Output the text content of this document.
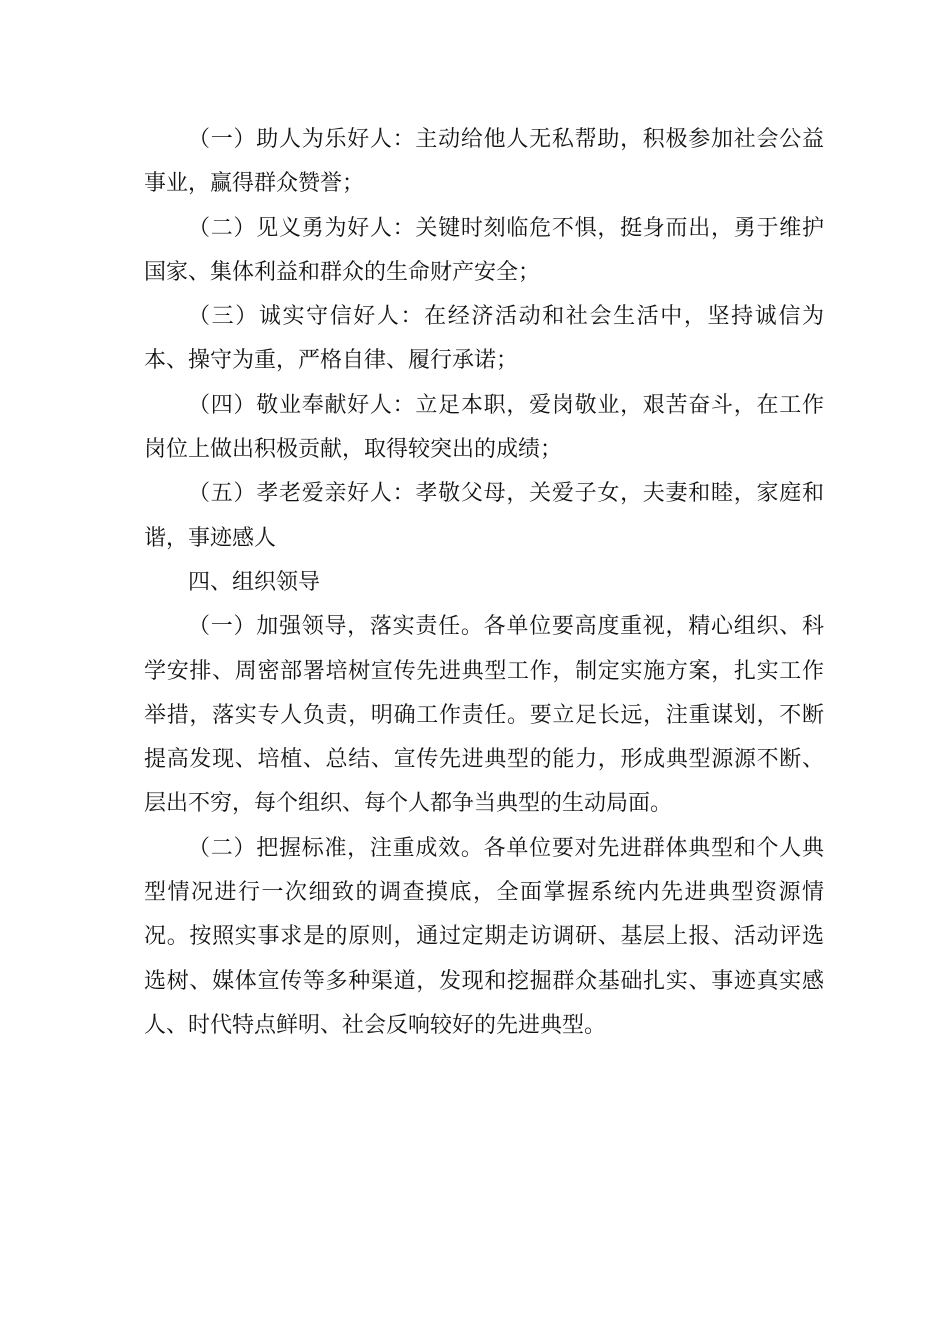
（一）助人为乐好人：主动给他人无私帮助，积极参加社会公益事业，赢得群众赞誉；

（二）见义勇为好人：关键时刻临危不惧，挺身而出，勇于维护国家、集体利益和群众的生命财产安全；

（三）诚实守信好人：在经济活动和社会生活中，坚持诚信为本、操守为重，严格自律、履行承诺；

（四）敬业奉献好人：立足本职，爱岗敬业，艰苦奋斗，在工作岗位上做出积极贡献，取得较突出的成绩；

（五）孝老爱亲好人：孝敬父母，关爱子女，夫妻和睦，家庭和谐，事迹感人

四、组织领导

（一）加强领导，落实责任。各单位要高度重视，精心组织、科学安排、周密部署培树宣传先进典型工作，制定实施方案，扎实工作举措，落实专人负责，明确工作责任。要立足长远，注重谋划，不断提高发现、培植、总结、宣传先进典型的能力，形成典型源源不断、层出不穷，每个组织、每个人都争当典型的生动局面。

（二）把握标准，注重成效。各单位要对先进群体典型和个人典型情况进行一次细致的调查摸底，全面掌握系统内先进典型资源情况。按照实事求是的原则，通过定期走访调研、基层上报、活动评选选树、媒体宣传等多种渠道，发现和挖掘群众基础扎实、事迹真实感人、时代特点鲜明、社会反响较好的先进典型。
